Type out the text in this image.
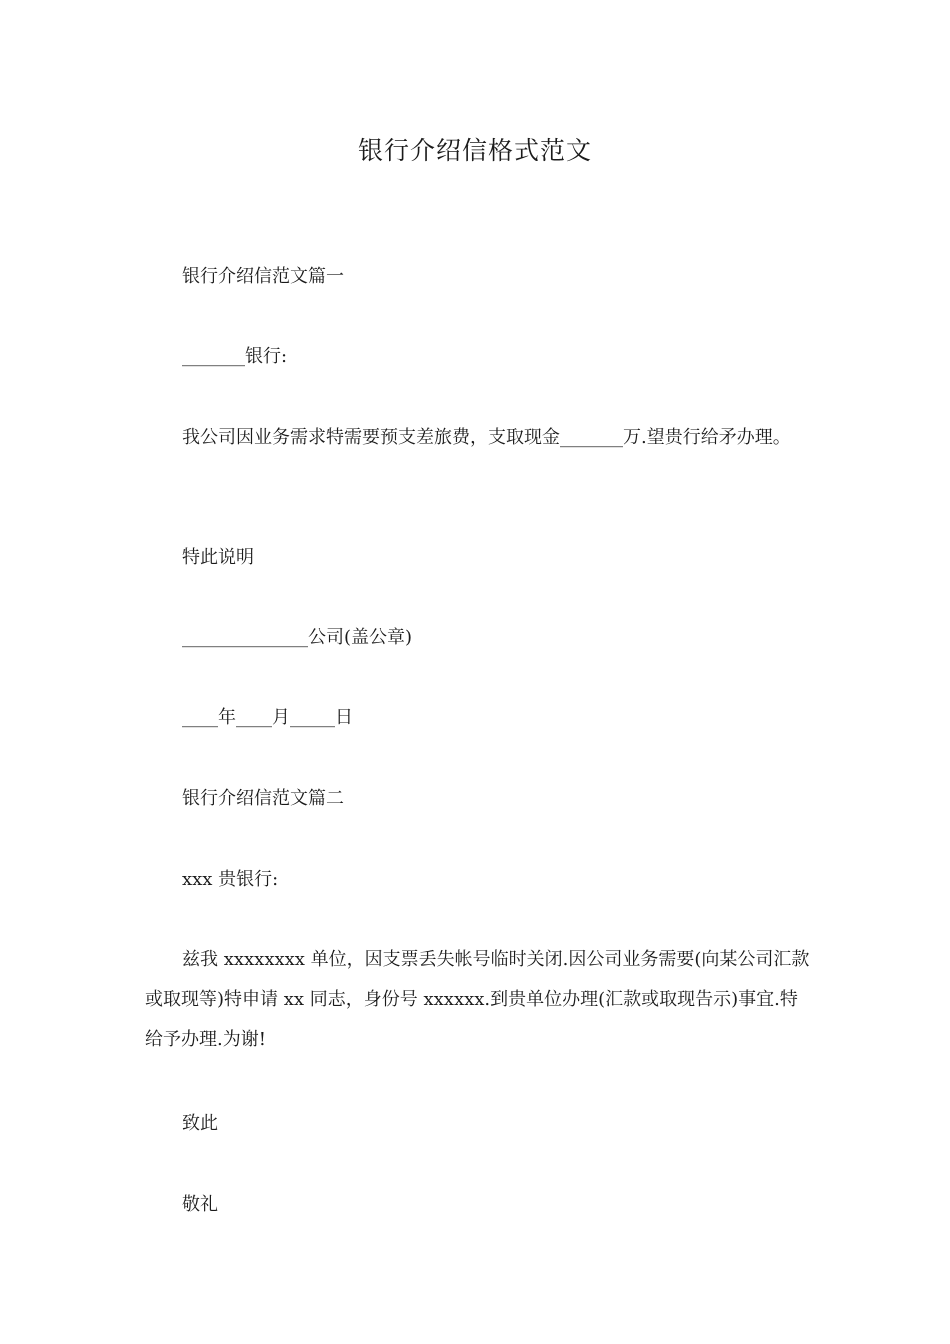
银行介绍信格式范文
银行介绍信范文篇一
_______银行:
我公司因业务需求特需要预支差旅费，支取现金_______万.望贵行给矛办理。
特此说明
______________公司(盖公章)
____年____月_____日
银行介绍信范文篇二
xxx 贵银行:
兹我 xxxxxxxx 单位，因支票丢失帐号临时关闭.因公司业务需要(向某公司汇款或取现等)特申请 xx 同志，身份号 xxxxxx.到贵单位办理(汇款或取现告示)事宜.特给予办理.为谢!
致此
敬礼
